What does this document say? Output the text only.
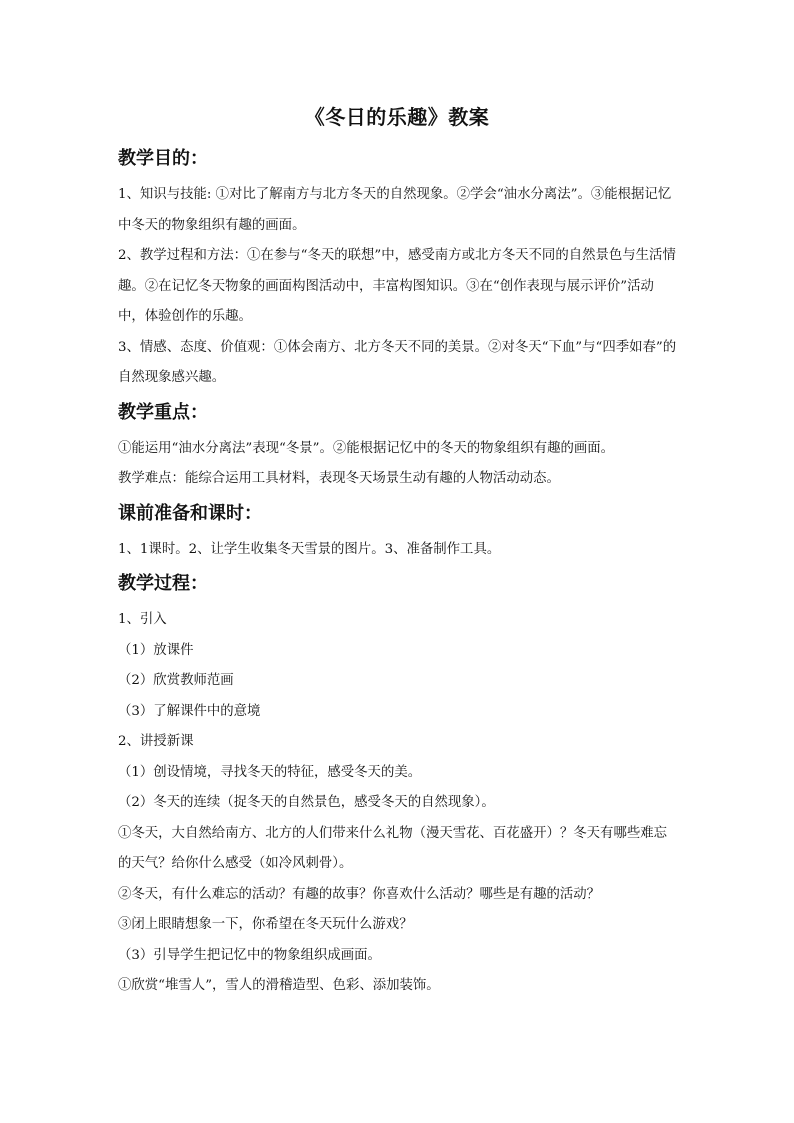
《冬日的乐趣》教案
教学目的：

1、知识与技能: ①对比了解南方与北方冬天的自然现象。②学会“油水分离法”。③能根据记忆中冬天的物象组织有趣的画面。

2、教学过程和方法：①在参与“冬天的联想”中，感受南方或北方冬天不同的自然景色与生活情趣。②在记忆冬天物象的画面构图活动中，丰富构图知识。③在“创作表现与展示评价”活动中，体验创作的乐趣。

3、情感、态度、价值观：①体会南方、北方冬天不同的美景。②对冬天“下血”与“四季如春”的自然现象感兴趣。

教学重点：

①能运用“油水分离法”表现“冬景”。②能根据记忆中的冬天的物象组织有趣的画面。

教学难点：能综合运用工具材料，表现冬天场景生动有趣的人物活动动态。

课前准备和课时：

1、1课时。2、让学生收集冬天雪景的图片。3、准备制作工具。

教学过程：

1、引入

（1）放课件

（2）欣赏教师范画

（3）了解课件中的意境

2、讲授新课

（1）创设情境，寻找冬天的特征，感受冬天的美。

（2）冬天的连续（捉冬天的自然景色，感受冬天的自然现象）。

①冬天，大自然给南方、北方的人们带来什么礼物（漫天雪花、百花盛开）？冬天有哪些难忘的天气？给你什么感受（如冷风刺骨）。

②冬天，有什么难忘的活动？有趣的故事？你喜欢什么活动？哪些是有趣的活动？

③闭上眼睛想象一下，你希望在冬天玩什么游戏？

（3）引导学生把记忆中的物象组织成画面。

①欣赏“堆雪人”，雪人的滑稽造型、色彩、添加装饰。
